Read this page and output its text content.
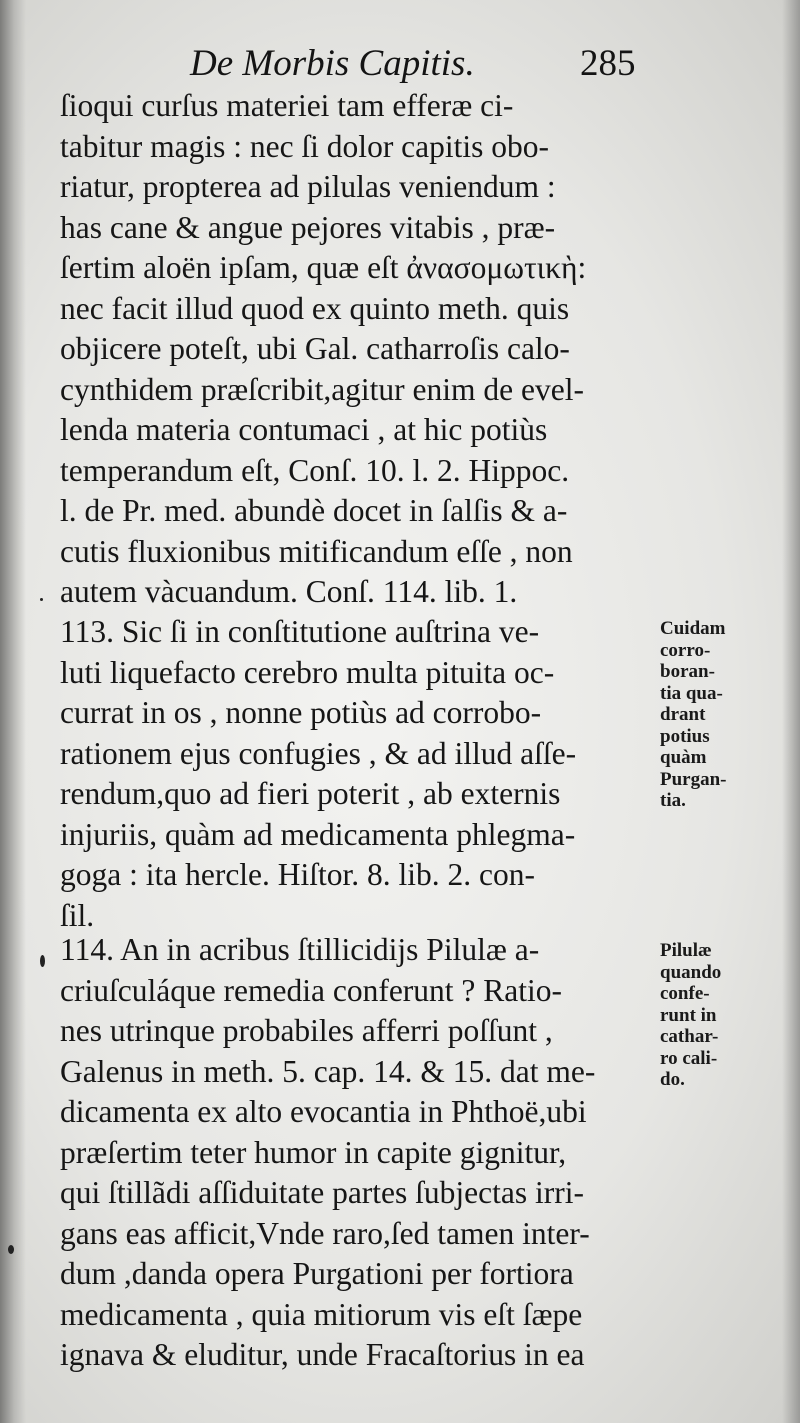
De Morbis Capitis.	285
ſioqui curſus materiei tam efferæ ci-
tabitur magis : nec ſi dolor capitis obo-
riatur, propterea ad pilulas veniendum :
has cane & angue pejores vitabis , præ-
ſertim aloën ipſam, quæ eſt ἀνασομωτικὴ:
nec facit illud quod ex quinto meth. quis
objicere poteſt, ubi Gal. catharroſis calo-
cynthidem præſcribit,agitur enim de evel-
lenda materia contumaci , at hic potiùs
temperandum eſt, Conſ. 10. l. 2. Hippoc.
l. de Pr. med. abundè docet in ſalſis & a-
cutis fluxionibus mitificandum eſſe , non
autem vàcuandum. Conſ. 114. lib. 1.
113. Sic ſi in conſtitutione auſtrina ve-
luti liquefacto cerebro multa pituita oc-
currat in os , nonne potiùs ad corrobo-
rationem ejus confugies , & ad illud aſſe-
rendum,quo ad fieri poterit , ab externis
injuriis, quàm ad medicamenta phlegma-
goga : ita hercle. Hiſtor. 8. lib. 2. con-
ſil.
Cuidam
corro-
boran-
tia qua-
drant
potius
quàm
Purgan-
tia.
114. An in acribus ſtillicidijs Pilulæ a-
criuſculáque remedia conferunt ? Ratio-
nes utrinque probabiles afferri poſſunt ,
Galenus in meth. 5. cap. 14. & 15. dat me-
dicamenta ex alto evocantia in Phthoë,ubi
præſertim teter humor in capite gignitur,
qui ſtillãdi aſſiduitate partes ſubjectas irri-
gans eas afficit,Vnde raro,ſed tamen inter-
dum ,danda opera Purgationi per fortiora
medicamenta , quia mitiorum vis eſt ſæpe
ignava & eluditur, unde Fracaſtorius in ea
Pilulæ
quando
confe-
runt in
cathar-
ro cali-
do.
